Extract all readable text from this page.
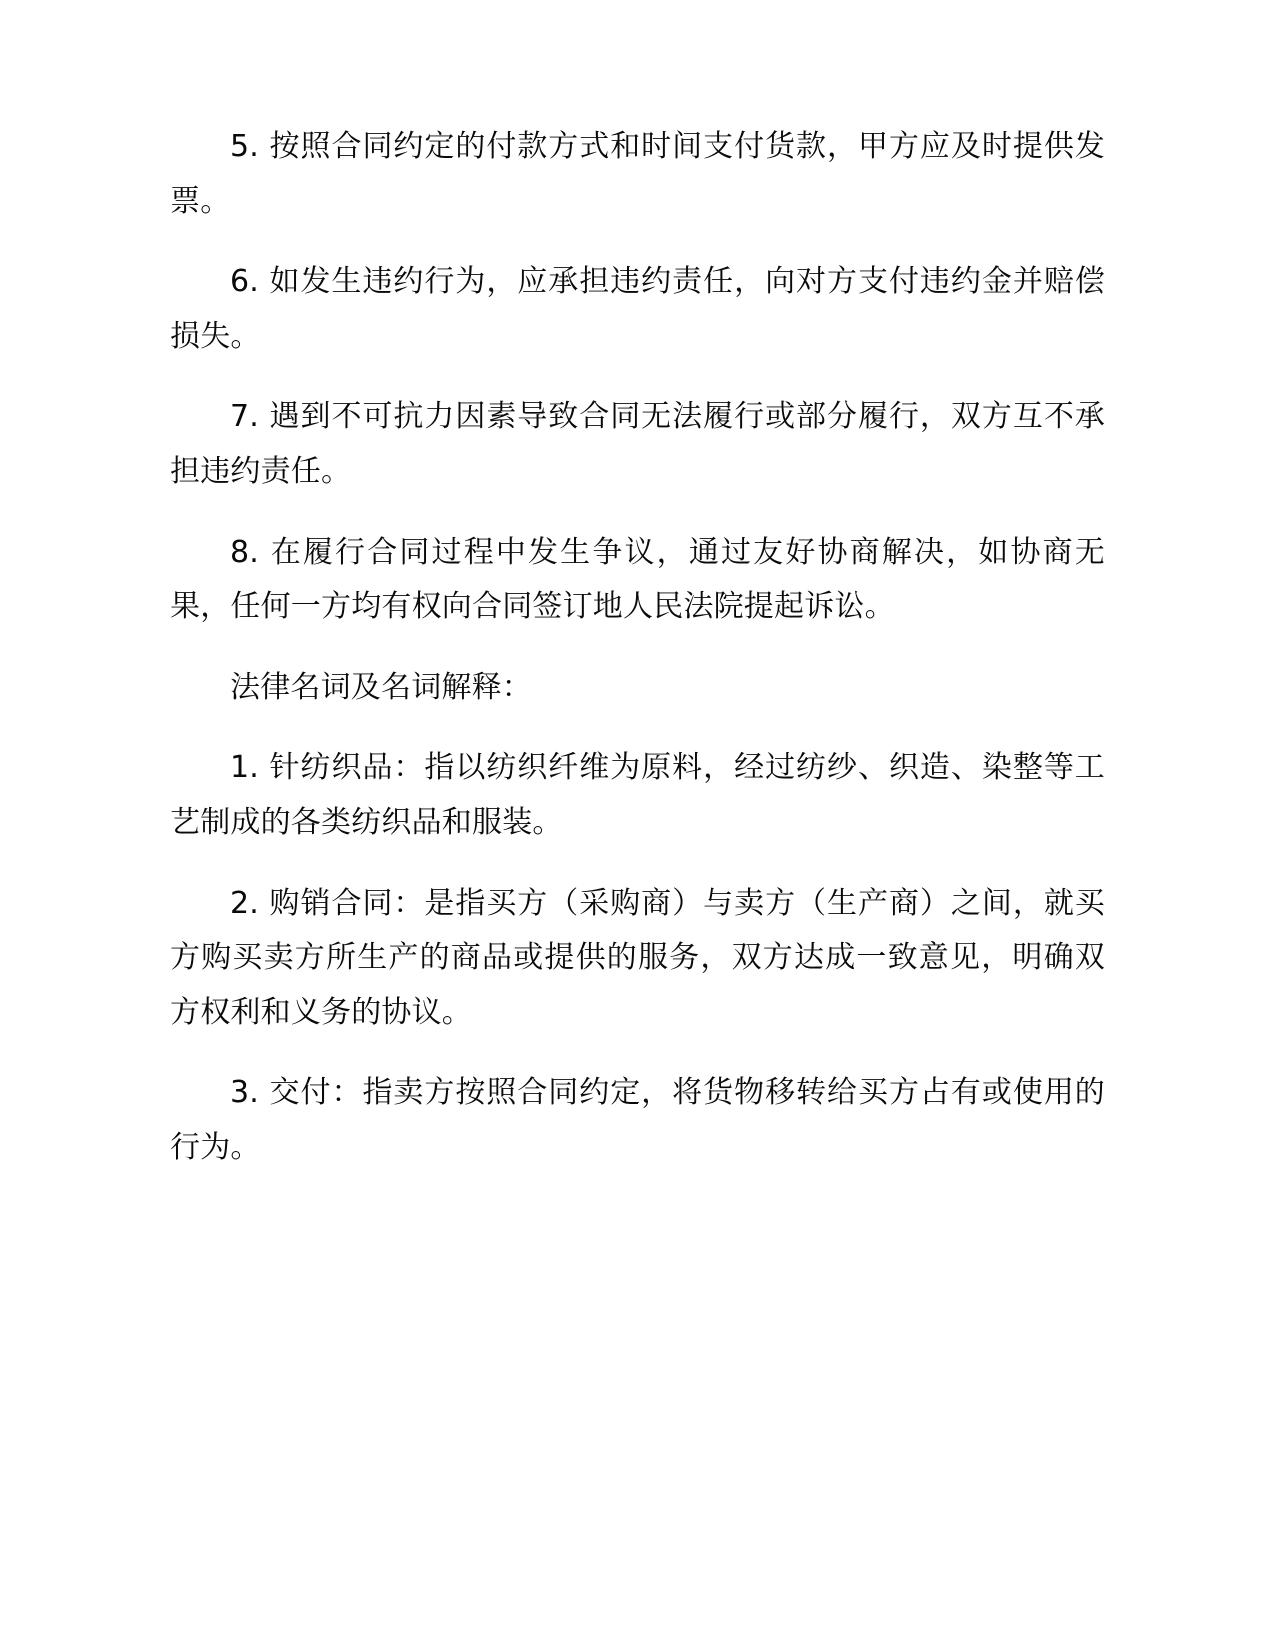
5. 按照合同约定的付款方式和时间支付货款，甲方应及时提供发票。

6. 如发生违约行为，应承担违约责任，向对方支付违约金并赔偿损失。

7. 遇到不可抗力因素导致合同无法履行或部分履行，双方互不承担违约责任。

8. 在履行合同过程中发生争议，通过友好协商解决，如协商无果，任何一方均有权向合同签订地人民法院提起诉讼。

法律名词及名词解释：

1. 针纺织品：指以纺织纤维为原料，经过纺纱、织造、染整等工艺制成的各类纺织品和服装。

2. 购销合同：是指买方（采购商）与卖方（生产商）之间，就买方购买卖方所生产的商品或提供的服务，双方达成一致意见，明确双方权利和义务的协议。

3. 交付：指卖方按照合同约定，将货物移转给买方占有或使用的行为。
